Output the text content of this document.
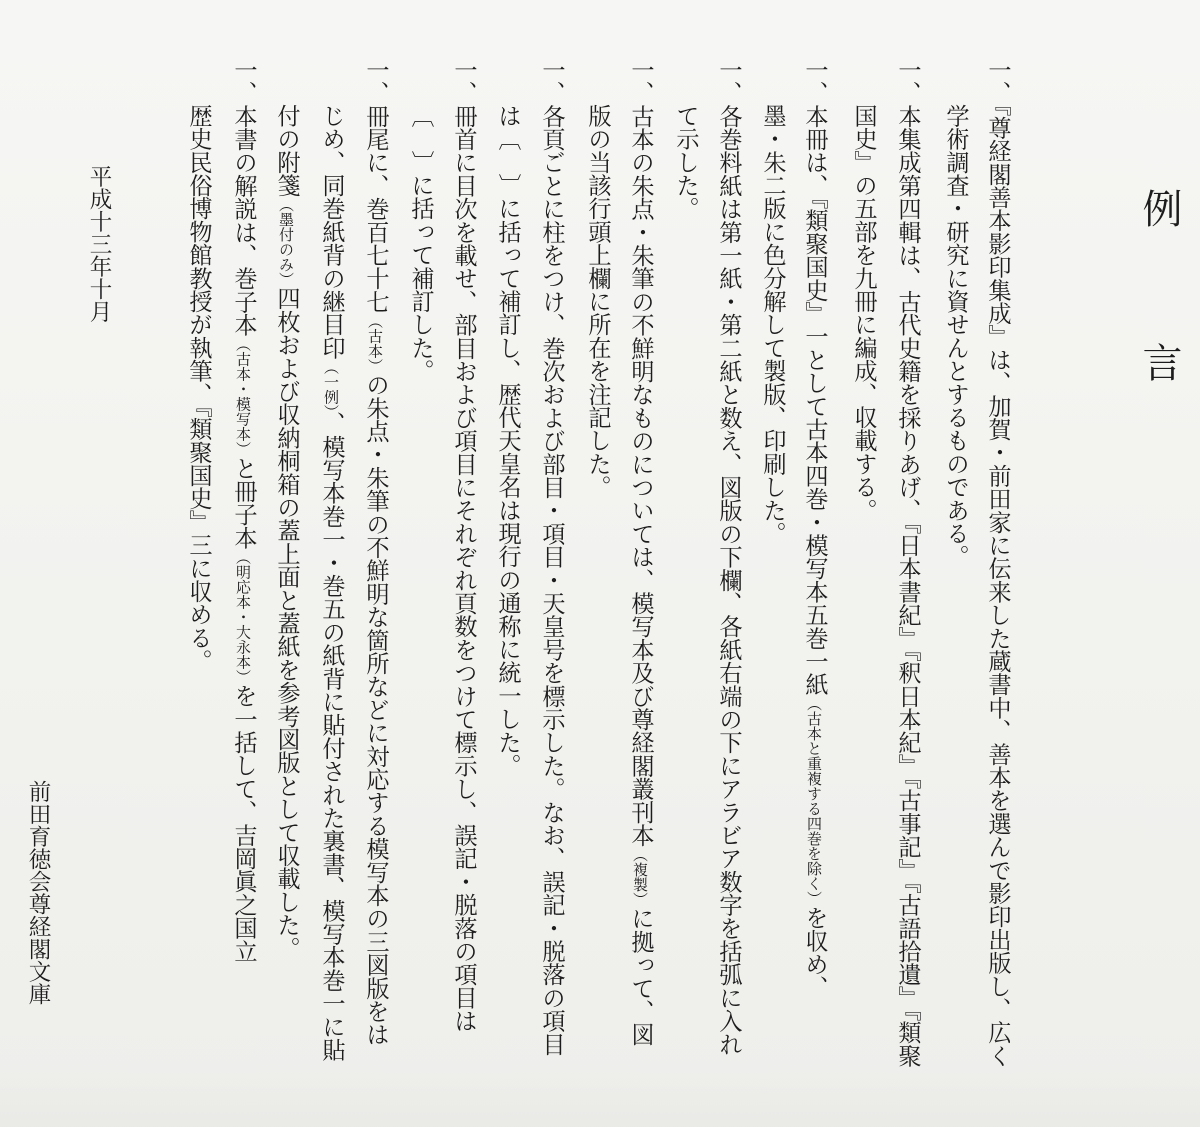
例
言
一、『尊経閣善本影印集成』は、加賀・前田家に伝来した蔵書中、善本を選んで影印出版し、広く
学術調査・研究に資せんとするものである。
一、本集成第四輯は、古代史籍を採りあげ、『日本書紀』『釈日本紀』『古事記』『古語拾遺』『類聚
国史』の五部を九冊に編成、収載する。
一、本冊は、『類聚国史』一として古本四巻・模写本五巻一紙（古本と重複する四巻を除く）を収め、
墨・朱二版に色分解して製版、印刷した。
一、各巻料紙は第一紙・第二紙と数え、図版の下欄、各紙右端の下にアラビア数字を括弧に入れ
て示した。
一、古本の朱点・朱筆の不鮮明なものについては、模写本及び尊経閣叢刊本（複製）に拠って、図
版の当該行頭上欄に所在を注記した。
一、各頁ごとに柱をつけ、巻次および部目・項目・天皇号を標示した。なお、誤記・脱落の項目
は〔　〕に括って補訂し、歴代天皇名は現行の通称に統一した。
一、冊首に目次を載せ、部目および項目にそれぞれ頁数をつけて標示し、誤記・脱落の項目は
〔　〕に括って補訂した。
一、冊尾に、巻百七十七（古本）の朱点・朱筆の不鮮明な箇所などに対応する模写本の三図版をは
じめ、同巻紙背の継目印（一例）、模写本巻一・巻五の紙背に貼付された裏書、模写本巻一に貼
付の附箋（墨付のみ）四枚および収納桐箱の蓋上面と蓋紙を参考図版として収載した。
一、本書の解説は、巻子本（古本・模写本）と冊子本（明応本・大永本）を一括して、吉岡眞之国立
歴史民俗博物館教授が執筆、『類聚国史』三に収める。
平成十三年十月
前田育徳会尊経閣文庫
